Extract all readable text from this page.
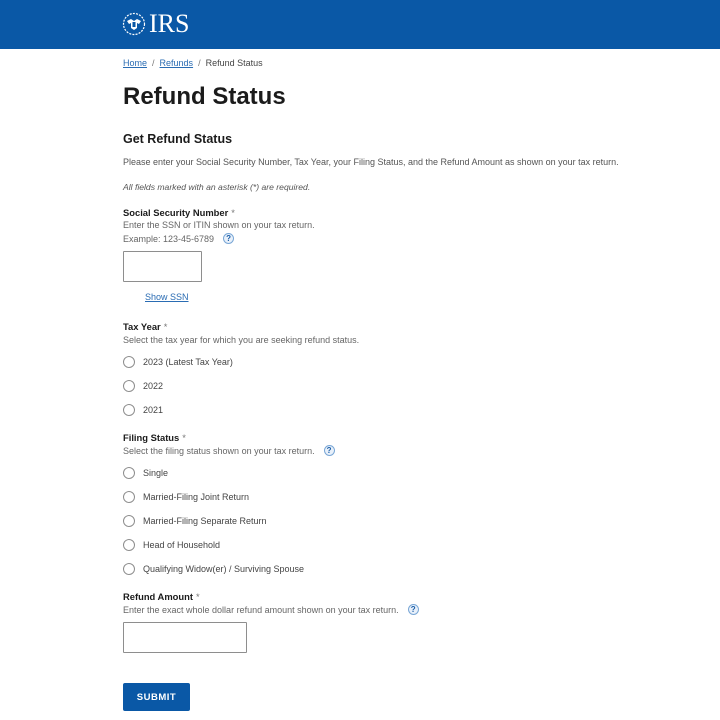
IRS
Home / Refunds / Refund Status
Refund Status
Get Refund Status

Please enter your Social Security Number, Tax Year, your Filing Status, and the Refund Amount as shown on your tax return.

All fields marked with an asterisk (*) are required.

Social Security Number *
Enter the SSN or ITIN shown on your tax return.
Example: 123-45-6789	?
Show SSN
Tax Year *
Select the tax year for which you are seeking refund status.
2023 (Latest Tax Year)
2022
2021
Filing Status *
Select the filing status shown on your tax return.	?
Single
Married-Filing Joint Return
Married-Filing Separate Return
Head of Household
Qualifying Widow(er) / Surviving Spouse
Refund Amount *
Enter the exact whole dollar refund amount shown on your tax return.	?
SUBMIT
